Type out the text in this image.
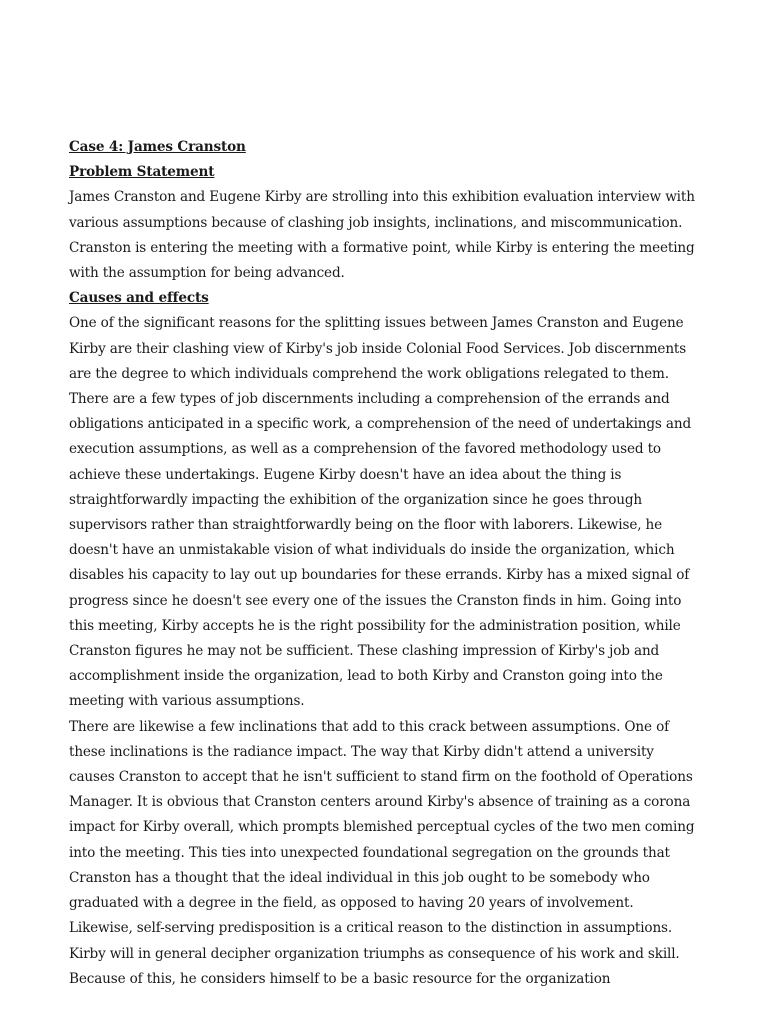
Case 4: James Cranston

Problem Statement

James Cranston and Eugene Kirby are strolling into this exhibition evaluation interview with various assumptions because of clashing job insights, inclinations, and miscommunication. Cranston is entering the meeting with a formative point, while Kirby is entering the meeting with the assumption for being advanced.

Causes and effects

One of the significant reasons for the splitting issues between James Cranston and Eugene Kirby are their clashing view of Kirby's job inside Colonial Food Services. Job discernments are the degree to which individuals comprehend the work obligations relegated to them. There are a few types of job discernments including a comprehension of the errands and obligations anticipated in a specific work, a comprehension of the need of undertakings and execution assumptions, as well as a comprehension of the favored methodology used to achieve these undertakings. Eugene Kirby doesn't have an idea about the thing is straightforwardly impacting the exhibition of the organization since he goes through supervisors rather than straightforwardly being on the floor with laborers. Likewise, he doesn't have an unmistakable vision of what individuals do inside the organization, which disables his capacity to lay out up boundaries for these errands. Kirby has a mixed signal of progress since he doesn't see every one of the issues the Cranston finds in him. Going into this meeting, Kirby accepts he is the right possibility for the administration position, while Cranston figures he may not be sufficient. These clashing impression of Kirby's job and accomplishment inside the organization, lead to both Kirby and Cranston going into the meeting with various assumptions.

There are likewise a few inclinations that add to this crack between assumptions. One of these inclinations is the radiance impact. The way that Kirby didn't attend a university causes Cranston to accept that he isn't sufficient to stand firm on the foothold of Operations Manager. It is obvious that Cranston centers around Kirby's absence of training as a corona impact for Kirby overall, which prompts blemished perceptual cycles of the two men coming into the meeting. This ties into unexpected foundational segregation on the grounds that Cranston has a thought that the ideal individual in this job ought to be somebody who graduated with a degree in the field, as opposed to having 20 years of involvement. Likewise, self-serving predisposition is a critical reason to the distinction in assumptions. Kirby will in general decipher organization triumphs as consequence of his work and skill. Because of this, he considers himself to be a basic resource for the organization
